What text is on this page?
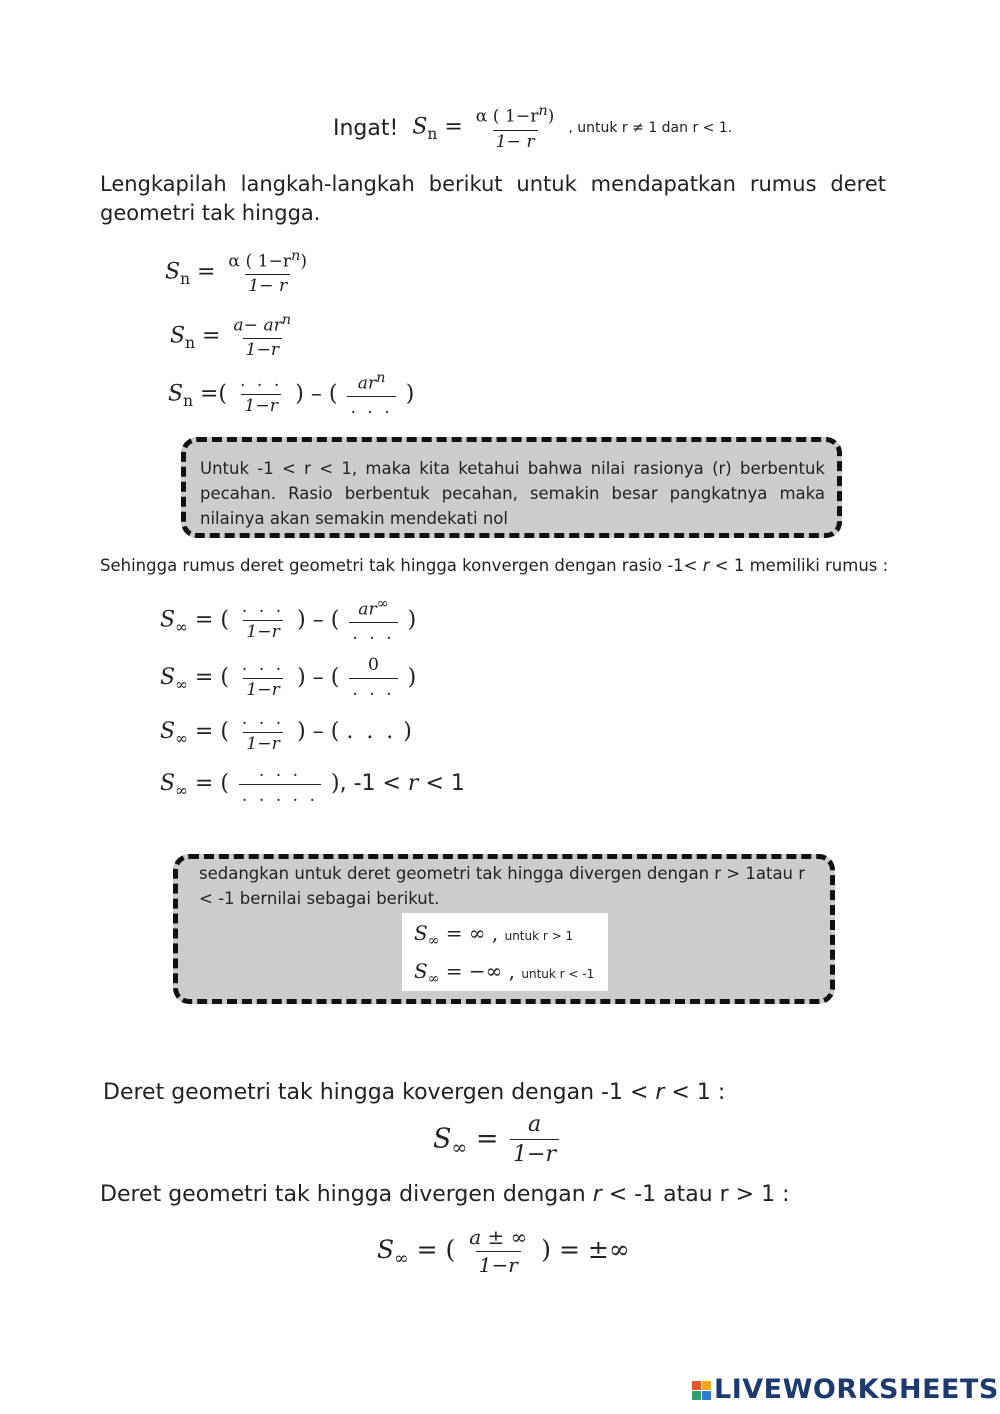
Ingat! $S_n = \frac{\alpha ( 1-r^n)}{1- r}$ , untuk r ≠ 1 dan r < 1.
Lengkapilah langkah-langkah berikut untuk mendapatkan rumus deret geometri tak hingga.
$S_n = \frac{\alpha ( 1-r^n)}{1- r}$
$S_n = \frac{a- ar^n}{1-r}$
$S_n$ =( $\frac{. . .}{1-r}$ ) – ( $\frac{ar^n}{. . .}$ )
Untuk -1 < r < 1, maka kita ketahui bahwa nilai rasionya (r) berbentuk pecahan. Rasio berbentuk pecahan, semakin besar pangkatnya maka nilainya akan semakin mendekati nol
Sehingga rumus deret geometri tak hingga konvergen dengan rasio -1< r < 1 memiliki rumus :
$S_\infty$ = ( $\frac{. . .}{1-r}$ ) – ( $\frac{ar^\infty}{. . .}$ )
$S_\infty$ = ( $\frac{. . .}{1-r}$ ) – ( $\frac{0}{. . .}$ )
$S_\infty$ = ( $\frac{. . .}{1-r}$ ) – ( . . . )
$S_\infty$ = ( $\frac{. . .}{. . . . .}$ ), -1 < r < 1
sedangkan untuk deret geometri tak hingga divergen dengan r > 1atau r < -1 bernilai sebagai berikut.
$S_\infty$ = ∞ , untuk r > 1
$S_\infty$ = −∞ , untuk r < -1
Deret geometri tak hingga kovergen dengan -1 < r < 1 :
$S_\infty = \frac{a}{1-r}$
Deret geometri tak hingga divergen dengan r < -1 atau r > 1 :
$S_\infty$ = ( $\frac{a \pm \infty}{1-r}$ ) = ±∞
LIVEWORKSHEETS
